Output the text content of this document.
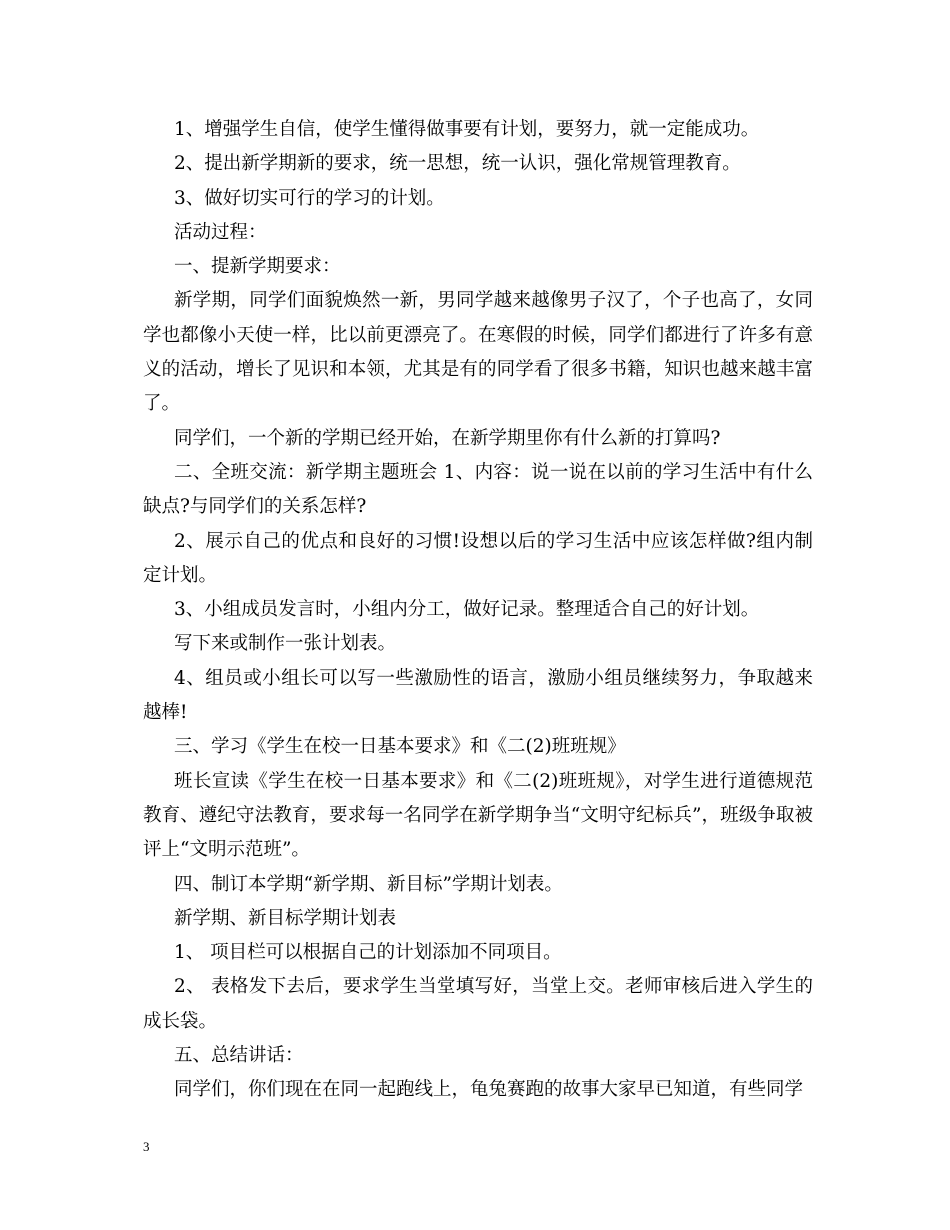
1、增强学生自信，使学生懂得做事要有计划，要努力，就一定能成功。

2、提出新学期新的要求，统一思想，统一认识，强化常规管理教育。

3、做好切实可行的学习的计划。

活动过程：

一、提新学期要求：

新学期，同学们面貌焕然一新，男同学越来越像男子汉了，个子也高了，女同学也都像小天使一样，比以前更漂亮了。在寒假的时候，同学们都进行了许多有意义的活动，增长了见识和本领，尤其是有的同学看了很多书籍，知识也越来越丰富了。

同学们，一个新的学期已经开始，在新学期里你有什么新的打算吗?

二、全班交流：新学期主题班会 1、内容：说一说在以前的学习生活中有什么缺点?与同学们的关系怎样?

2、展示自己的优点和良好的习惯!设想以后的学习生活中应该怎样做?组内制定计划。

3、小组成员发言时，小组内分工，做好记录。整理适合自己的好计划。

写下来或制作一张计划表。

4、组员或小组长可以写一些激励性的语言，激励小组员继续努力，争取越来越棒!

三、学习《学生在校一日基本要求》和《二(2)班班规》

班长宣读《学生在校一日基本要求》和《二(2)班班规》，对学生进行道德规范教育、遵纪守法教育，要求每一名同学在新学期争当“文明守纪标兵”，班级争取被评上“文明示范班”。

四、制订本学期“新学期、新目标”学期计划表。

新学期、新目标学期计划表

1、 项目栏可以根据自己的计划添加不同项目。

2、 表格发下去后，要求学生当堂填写好，当堂上交。老师审核后进入学生的成长袋。

五、总结讲话：

同学们，你们现在在同一起跑线上，龟兔赛跑的故事大家早已知道，有些同学

3
